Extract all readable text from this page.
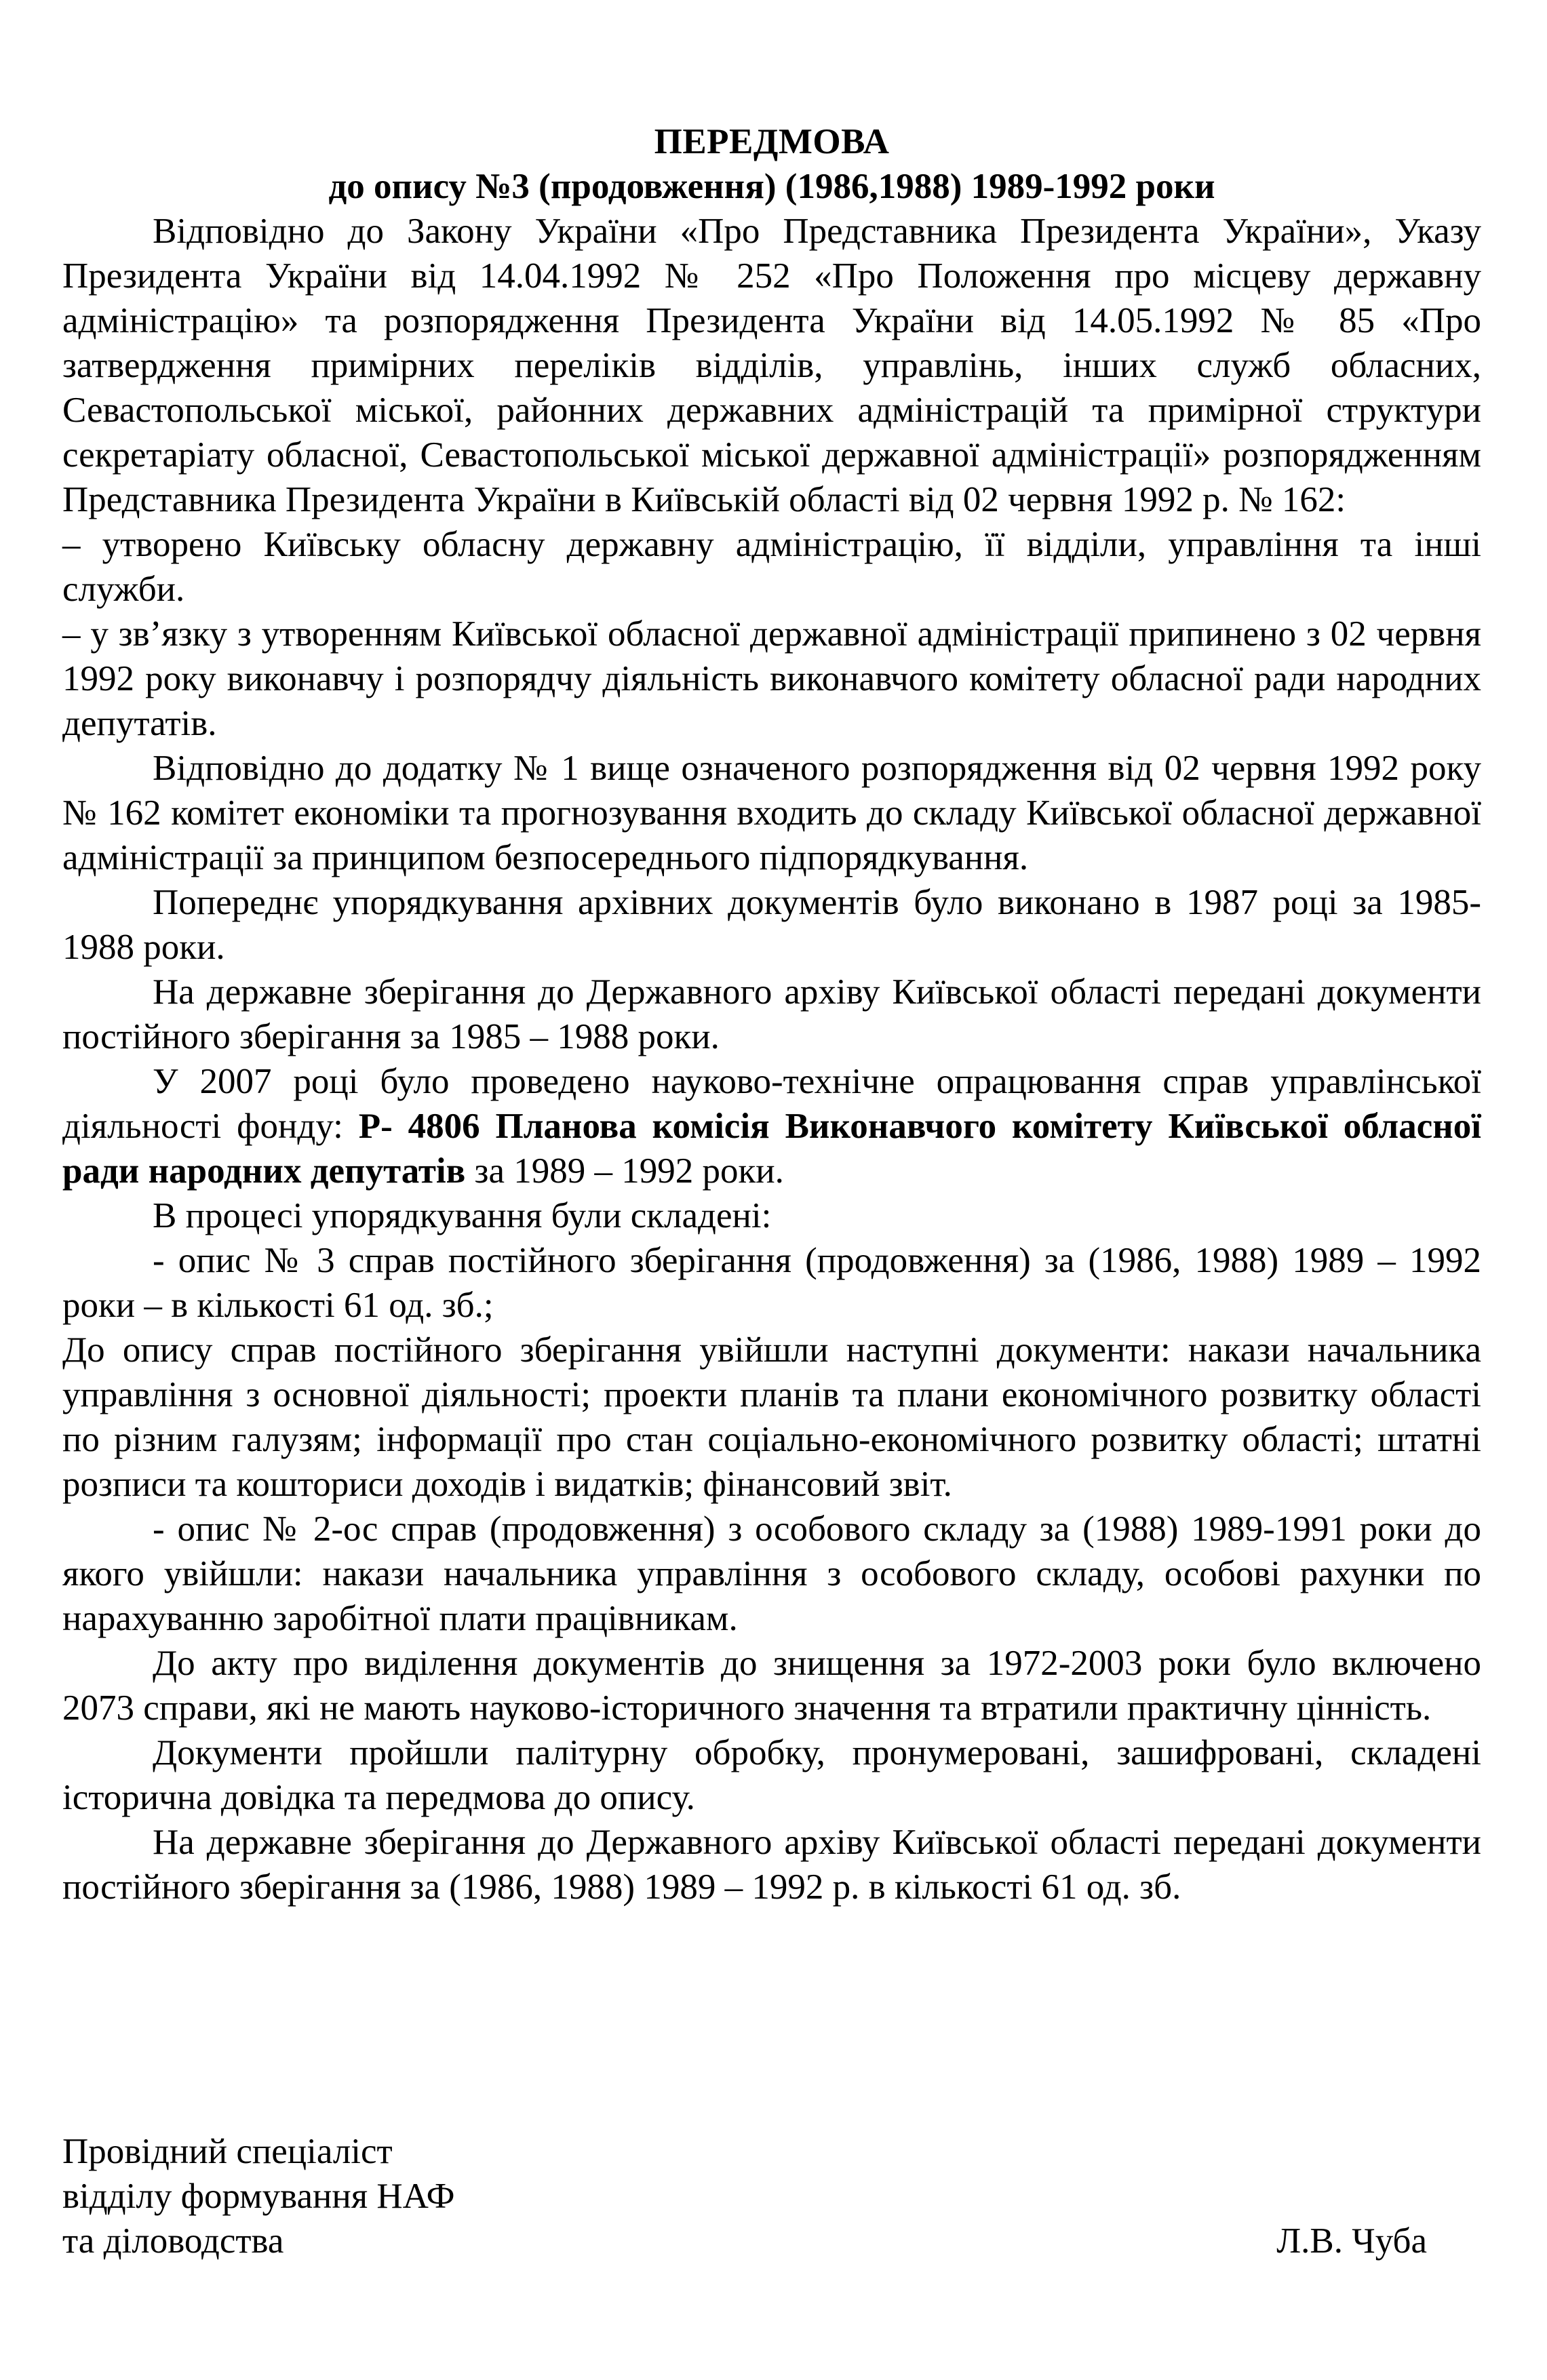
ПЕРЕДМОВА
до опису №3 (продовження) (1986,1988) 1989-1992 роки

Відповідно до Закону України «Про Представника Президента України», Указу Президента України від 14.04.1992 № 252 «Про Положення про місцеву державну адміністрацію» та розпорядження Президента України від 14.05.1992 № 85 «Про затвердження примірних переліків відділів, управлінь, інших служб обласних, Севастопольської міської, районних державних адміністрацій та примірної структури секретаріату обласної, Севастопольської міської державної адміністрації» розпорядженням Представника Президента України в Київській області від 02 червня 1992 р. № 162:

– утворено Київську обласну державну адміністрацію, її відділи, управління та інші служби.

– у зв’язку з утворенням Київської обласної державної адміністрації припинено з 02 червня 1992 року виконавчу і розпорядчу діяльність виконавчого комітету обласної ради народних депутатів.

Відповідно до додатку № 1 вище означеного розпорядження від 02 червня 1992 року № 162 комітет економіки та прогнозування входить до складу Київської обласної державної адміністрації за принципом безпосереднього підпорядкування.

Попереднє упорядкування архівних документів було виконано в 1987 році за 1985-1988 роки.

На державне зберігання до Державного архіву Київської області передані документи постійного зберігання за 1985 – 1988 роки.

У 2007 році було проведено науково-технічне опрацювання справ управлінської діяльності фонду: Р- 4806 Планова комісія Виконавчого комітету Київської обласної ради народних депутатів за 1989 – 1992 роки.

В процесі упорядкування були складені:

- опис № 3 справ постійного зберігання (продовження) за (1986, 1988) 1989 – 1992 роки – в кількості 61 од. зб.;

До опису справ постійного зберігання увійшли наступні документи: накази начальника управління з основної діяльності; проекти планів та плани економічного розвитку області по різним галузям; інформації про стан соціально-економічного розвитку області; штатні розписи та кошториси доходів і видатків; фінансовий звіт.

- опис № 2-ос справ (продовження) з особового складу за (1988) 1989-1991 роки до якого увійшли: накази начальника управління з особового складу, особові рахунки по нарахуванню заробітної плати працівникам.

До акту про виділення документів до знищення за 1972-2003 роки було включено 2073 справи, які не мають науково-історичного значення та втратили практичну цінність.

Документи пройшли палітурну обробку, пронумеровані, зашифровані, складені історична довідка та передмова до опису.

На державне зберігання до Державного архіву Київської області передані документи постійного зберігання за (1986, 1988) 1989 – 1992 р. в кількості 61 од. зб.

Провідний спеціаліст
відділу формування НАФ
та діловодства	Л.В. Чуба
